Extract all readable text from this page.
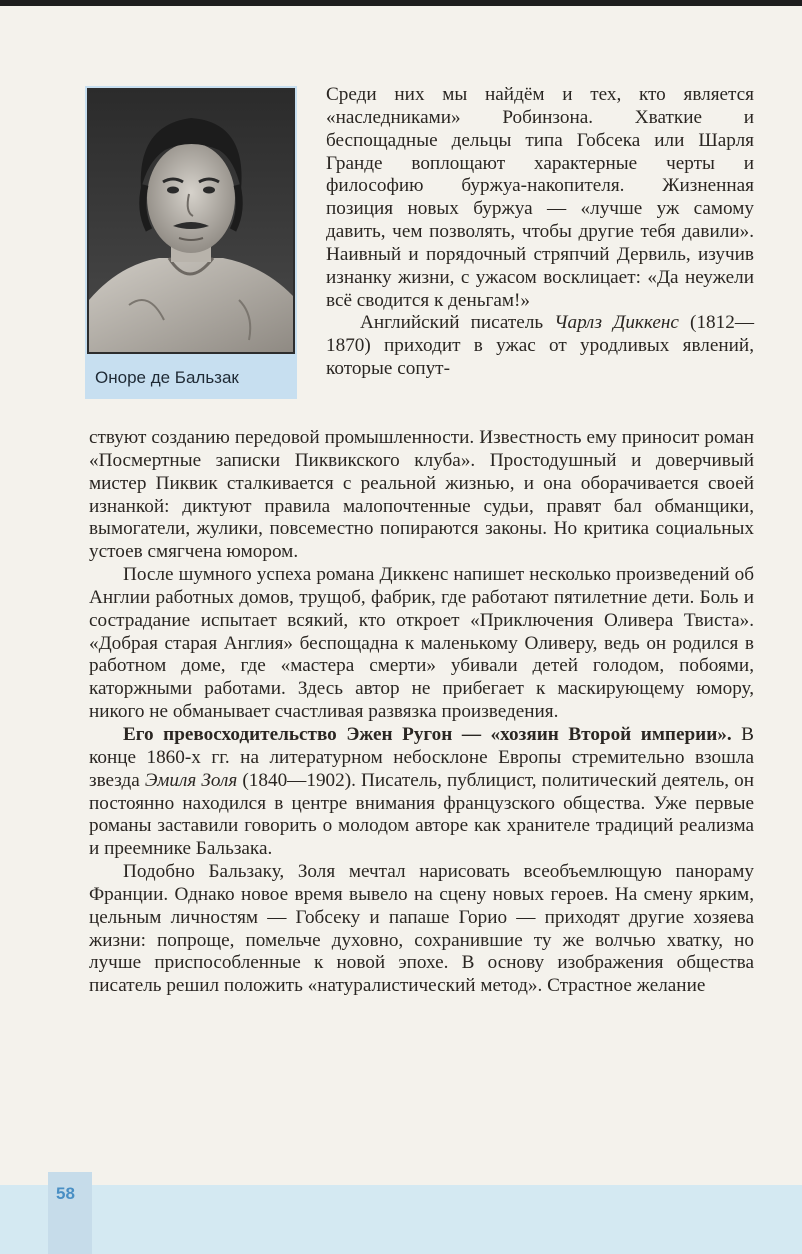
Оноре де Бальзак

Среди них мы найдём и тех, кто является «наследниками» Робинзона. Хваткие и беспощадные дельцы типа Гобсека или Шарля Гранде воплощают характерные черты и философию буржуа-накопителя. Жизненная позиция новых буржуа — «лучше уж самому давить, чем позволять, чтобы другие тебя давили». Наивный и порядочный стряпчий Дервиль, изучив изнанку жизни, с ужасом восклицает: «Да неужели всё сводится к деньгам!»

Английский писатель Чарлз Диккенс (1812—1870) приходит в ужас от уродливых явлений, которые сопут-

ствуют созданию передовой промышленности. Известность ему приносит роман «Посмертные записки Пиквикского клуба». Простодушный и доверчивый мистер Пиквик сталкивается с реальной жизнью, и она оборачивается своей изнанкой: диктуют правила малопочтенные судьи, правят бал обманщики, вымогатели, жулики, повсеместно попираются законы. Но критика социальных устоев смягчена юмором.

После шумного успеха романа Диккенс напишет несколько произведений об Англии работных домов, трущоб, фабрик, где работают пятилетние дети. Боль и сострадание испытает всякий, кто откроет «Приключения Оливера Твиста». «Добрая старая Англия» беспощадна к маленькому Оливеру, ведь он родился в работном доме, где «мастера смерти» убивали детей голодом, побоями, каторжными работами. Здесь автор не прибегает к маскирующему юмору, никого не обманывает счастливая развязка произведения.

Его превосходительство Эжен Ругон — «хозяин Второй империи». В конце 1860-х гг. на литературном небосклоне Европы стремительно взошла звезда Эмиля Золя (1840—1902). Писатель, публицист, политический деятель, он постоянно находился в центре внимания французского общества. Уже первые романы заставили говорить о молодом авторе как хранителе традиций реализма и преемнике Бальзака.

Подобно Бальзаку, Золя мечтал нарисовать всеобъемлющую панораму Франции. Однако новое время вывело на сцену новых героев. На смену ярким, цельным личностям — Гобсеку и папаше Горио — приходят другие хозяева жизни: попроще, помельче духовно, сохранившие ту же волчью хватку, но лучше приспособленные к новой эпохе. В основу изображения общества писатель решил положить «натуралистический метод». Страстное желание

58
